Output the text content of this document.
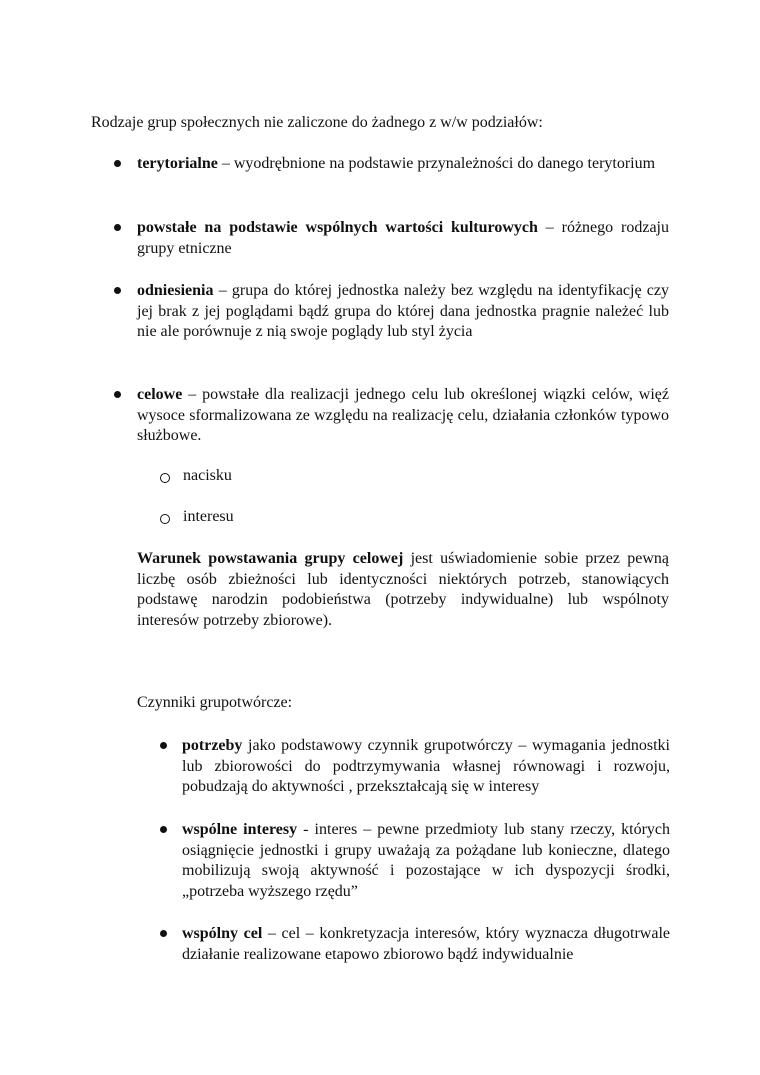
Rodzaje grup społecznych nie zaliczone do żadnego z w/w podziałów:
terytorialne – wyodrębnione na podstawie przynależności do danego terytorium
powstałe na podstawie wspólnych wartości kulturowych – różnego rodzaju grupy etniczne
odniesienia – grupa do której jednostka należy bez względu na identyfikację czy jej brak z jej poglądami bądź grupa do której dana jednostka pragnie należeć lub nie ale porównuje z nią swoje poglądy lub styl życia
celowe – powstałe dla realizacji jednego celu lub określonej wiązki celów, więź wysoce sformalizowana ze względu na realizację celu, działania członków typowo służbowe.
nacisku
interesu
Warunek powstawania grupy celowej jest uświadomienie sobie przez pewną liczbę osób zbieżności lub identyczności niektórych potrzeb, stanowiących podstawę narodzin podobieństwa (potrzeby indywidualne) lub wspólnoty interesów potrzeby zbiorowe).
Czynniki grupotwórcze:
potrzeby jako podstawowy czynnik grupotwórczy – wymagania jednostki lub zbiorowości do podtrzymywania własnej równowagi i rozwoju, pobudzają do aktywności , przekształcają się w interesy
wspólne interesy - interes – pewne przedmioty lub stany rzeczy, których osiągnięcie jednostki i grupy uważają za pożądane lub konieczne, dlatego mobilizują swoją aktywność i pozostające w ich dyspozycji środki, „potrzeba wyższego rzędu”
wspólny cel – cel – konkretyzacja interesów, który wyznacza długotrwale działanie realizowane etapowo zbiorowo bądź indywidualnie
